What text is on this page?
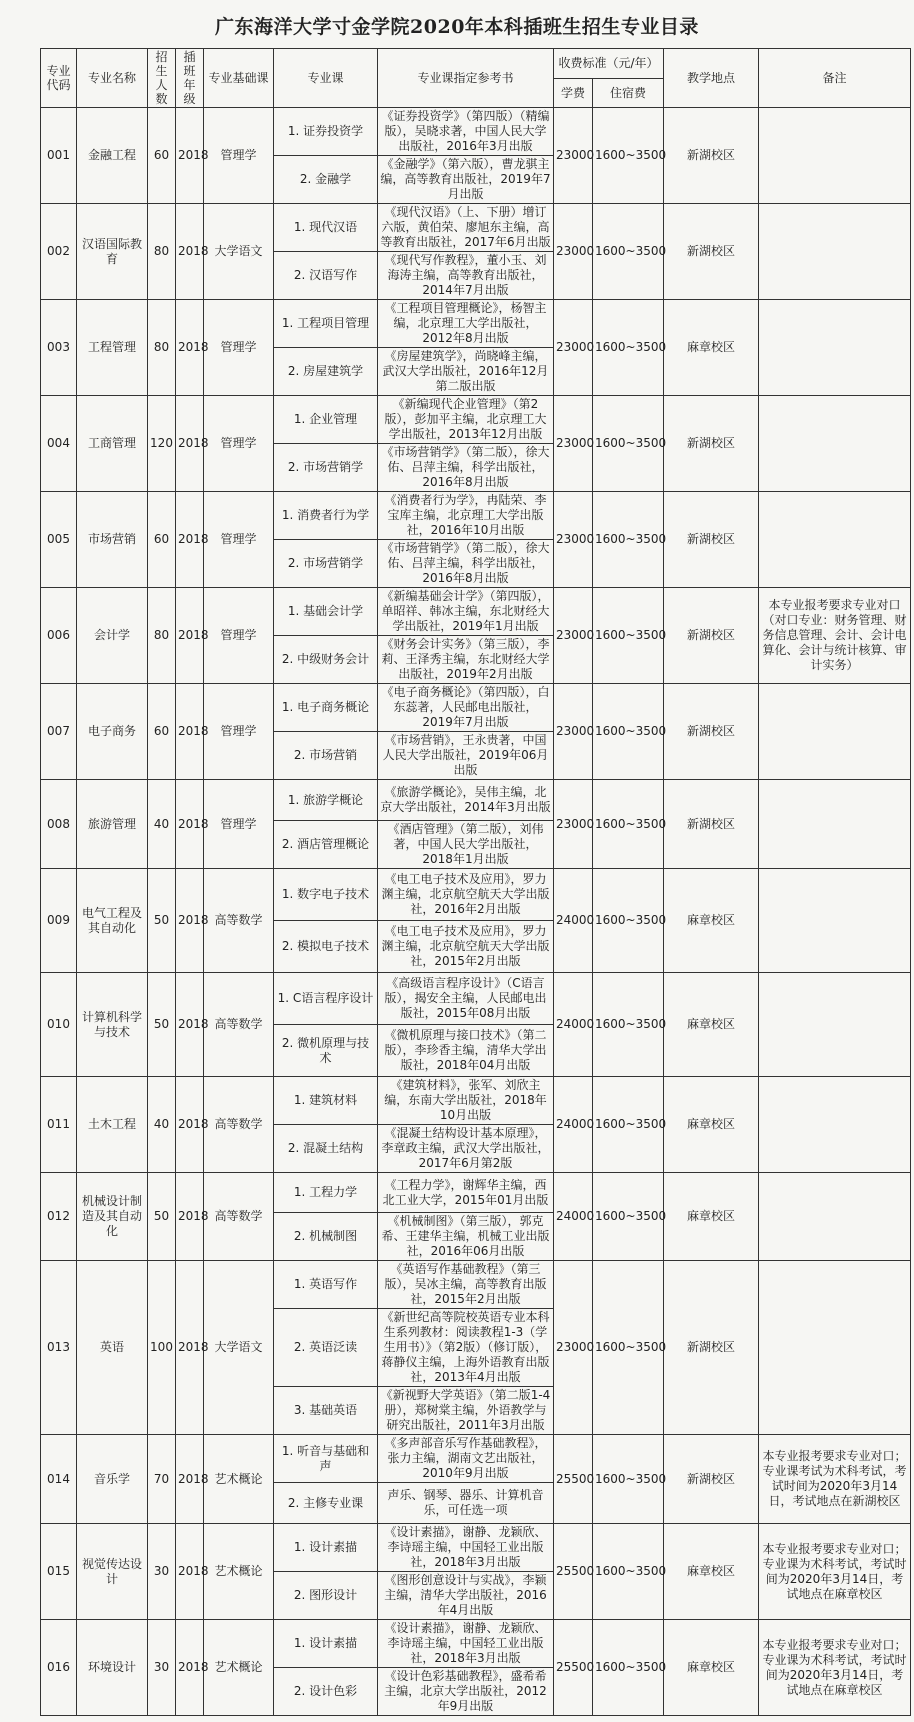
广东海洋大学寸金学院2020年本科插班生招生专业目录
专业代码	专业名称	招生人数	插班年级	专业基础课	专业课	专业课指定参考书	收费标准（元/年）		教学地点	备注
							学费	住宿费		
001	金融工程	60	2018	管理学	1. 证券投资学	《证券投资学》（第四版）（精编版），吴晓求著，中国人民大学出版社，2016年3月出版	23000	1600~3500	新湖校区	
					2. 金融学	《金融学》（第六版），曹龙骐主编，高等教育出版社，2019年7月出版				
002	汉语国际教育	80	2018	大学语文	1. 现代汉语	《现代汉语》（上、下册）增订六版，黄伯荣、廖旭东主编，高等教育出版社，2017年6月出版	23000	1600~3500	新湖校区	
					2. 汉语写作	《现代写作教程》，董小玉、刘海涛主编，高等教育出版社，2014年7月出版				
003	工程管理	80	2018	管理学	1. 工程项目管理	《工程项目管理概论》，杨智主编，北京理工大学出版社，2012年8月出版	23000	1600~3500	麻章校区	
					2. 房屋建筑学	《房屋建筑学》，尚晓峰主编，武汉大学出版社，2016年12月第二版出版				
004	工商管理	120	2018	管理学	1. 企业管理	《新编现代企业管理》（第2版），彭加平主编，北京理工大学出版社，2013年12月出版	23000	1600~3500	新湖校区	
					2. 市场营销学	《市场营销学》（第二版），徐大佑、吕萍主编，科学出版社，2016年8月出版				
005	市场营销	60	2018	管理学	1. 消费者行为学	《消费者行为学》，冉陆荣、李宝库主编，北京理工大学出版社，2016年10月出版	23000	1600~3500	新湖校区	
					2. 市场营销学	《市场营销学》（第二版），徐大佑、吕萍主编，科学出版社，2016年8月出版				
006	会计学	80	2018	管理学	1. 基础会计学	《新编基础会计学》（第四版），单昭祥、韩冰主编，东北财经大学出版社，2019年1月出版	23000	1600~3500	新湖校区	本专业报考要求专业对口（对口专业：财务管理、财务信息管理、会计、会计电算化、会计与统计核算、审计实务）
					2. 中级财务会计	《财务会计实务》（第三版），李莉、王泽秀主编，东北财经大学出版社，2019年2月出版				
007	电子商务	60	2018	管理学	1. 电子商务概论	《电子商务概论》（第四版），白东蕊著，人民邮电出版社，2019年7月出版	23000	1600~3500	新湖校区	
					2. 市场营销	《市场营销》，王永贵著，中国人民大学出版社，2019年06月出版				
008	旅游管理	40	2018	管理学	1. 旅游学概论	《旅游学概论》，吴伟主编，北京大学出版社，2014年3月出版	23000	1600~3500	新湖校区	
					2. 酒店管理概论	《酒店管理》（第二版），刘伟著，中国人民大学出版社，2018年1月出版				
009	电气工程及其自动化	50	2018	高等数学	1. 数字电子技术	《电工电子技术及应用》，罗力渊主编，北京航空航天大学出版社，2016年2月出版	24000	1600~3500	麻章校区	
					2. 模拟电子技术	《电工电子技术及应用》，罗力渊主编，北京航空航天大学出版社，2015年2月出版				
010	计算机科学与技术	50	2018	高等数学	1. C语言程序设计	《高级语言程序设计》（C语言版），揭安全主编，人民邮电出版社，2015年08月出版	24000	1600~3500	麻章校区	
					2. 微机原理与技术	《微机原理与接口技术》（第二版），李珍香主编，清华大学出版社，2018年04月出版				
011	土木工程	40	2018	高等数学	1. 建筑材料	《建筑材料》，张军、刘欣主编，东南大学出版社，2018年10月出版	24000	1600~3500	麻章校区	
					2. 混凝土结构	《混凝土结构设计基本原理》，李章政主编，武汉大学出版社，2017年6月第2版				
012	机械设计制造及其自动化	50	2018	高等数学	1. 工程力学	《工程力学》，谢辉华主编，西北工业大学，2015年01月出版	24000	1600~3500	麻章校区	
					2. 机械制图	《机械制图》（第三版），郭克希、王建华主编，机械工业出版社，2016年06月出版				
013	英语	100	2018	大学语文	1. 英语写作	《英语写作基础教程》（第三版），吴冰主编，高等教育出版社，2015年2月出版	23000	1600~3500	新湖校区	
					2. 英语泛读	《新世纪高等院校英语专业本科生系列教材：阅读教程1-3（学生用书）》（第2版）（修订版），蒋静仪主编，上海外语教育出版社，2013年4月出版				
					3. 基础英语	《新视野大学英语》（第二版1-4册），郑树棠主编，外语教学与研究出版社，2011年3月出版				
014	音乐学	70	2018	艺术概论	1. 听音与基础和声	《多声部音乐写作基础教程》，张力主编，湖南文艺出版社，2010年9月出版	25500	1600~3500	新湖校区	本专业报考要求专业对口；专业课考试为术科考试，考试时间为2020年3月14日，考试地点在新湖校区
					2. 主修专业课	声乐、钢琴、器乐、计算机音乐，可任选一项				
015	视觉传达设计	30	2018	艺术概论	1. 设计素描	《设计素描》，谢静、龙颖欣、李诗瑶主编，中国轻工业出版社，2018年3月出版	25500	1600~3500	麻章校区	本专业报考要求专业对口；专业课为术科考试，考试时间为2020年3月14日，考试地点在麻章校区
					2. 图形设计	《图形创意设计与实战》，李颖主编，清华大学出版社，2016年4月出版				
016	环境设计	30	2018	艺术概论	1. 设计素描	《设计素描》，谢静、龙颖欣、李诗瑶主编，中国轻工业出版社，2018年3月出版	25500	1600~3500	麻章校区	本专业报考要求专业对口；专业课为术科考试，考试时间为2020年3月14日，考试地点在麻章校区
					2. 设计色彩	《设计色彩基础教程》，盛希希主编，北京大学出版社，2012年9月出版				
